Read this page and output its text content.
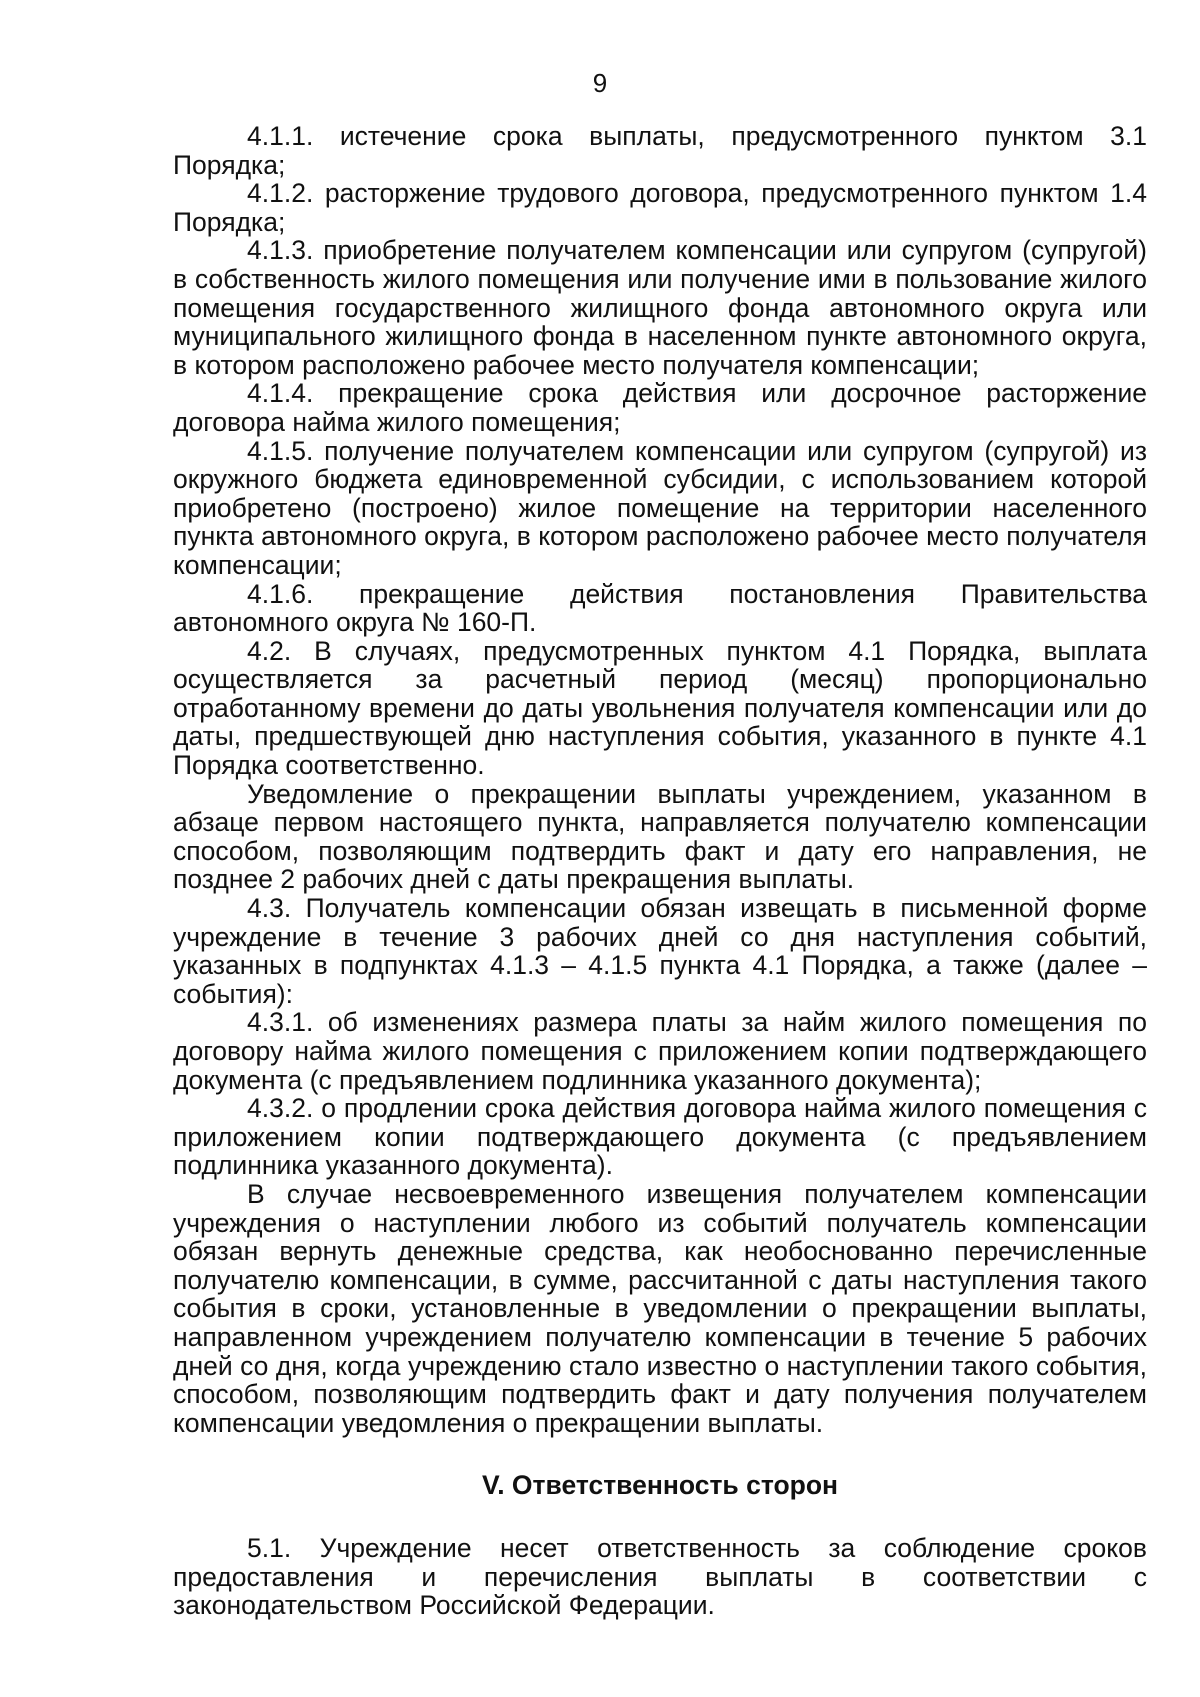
9

4.1.1. истечение срока выплаты, предусмотренного пунктом 3.1 Порядка;

4.1.2. расторжение трудового договора, предусмотренного пунктом 1.4 Порядка;

4.1.3. приобретение получателем компенсации или супругом (супругой) в собственность жилого помещения или получение ими в пользование жилого помещения государственного жилищного фонда автономного округа или муниципального жилищного фонда в населенном пункте автономного округа, в котором расположено рабочее место получателя компенсации;

4.1.4. прекращение срока действия или досрочное расторжение договора найма жилого помещения;

4.1.5. получение получателем компенсации или супругом (супругой) из окружного бюджета единовременной субсидии, с использованием которой приобретено (построено) жилое помещение на территории населенного пункта автономного округа, в котором расположено рабочее место получателя компенсации;

4.1.6. прекращение действия постановления Правительства автономного округа № 160-П.

4.2. В случаях, предусмотренных пунктом 4.1 Порядка, выплата осуществляется за расчетный период (месяц) пропорционально отработанному времени до даты увольнения получателя компенсации или до даты, предшествующей дню наступления события, указанного в пункте 4.1 Порядка соответственно.

Уведомление о прекращении выплаты учреждением, указанном в абзаце первом настоящего пункта, направляется получателю компенсации способом, позволяющим подтвердить факт и дату его направления, не позднее 2 рабочих дней с даты прекращения выплаты.

4.3. Получатель компенсации обязан извещать в письменной форме учреждение в течение 3 рабочих дней со дня наступления событий, указанных в подпунктах 4.1.3 – 4.1.5 пункта 4.1 Порядка, а также (далее – события):

4.3.1. об изменениях размера платы за найм жилого помещения по договору найма жилого помещения с приложением копии подтверждающего документа (с предъявлением подлинника указанного документа);

4.3.2. о продлении срока действия договора найма жилого помещения с приложением копии подтверждающего документа (с предъявлением подлинника указанного документа).

В случае несвоевременного извещения получателем компенсации учреждения о наступлении любого из событий получатель компенсации обязан вернуть денежные средства, как необоснованно перечисленные получателю компенсации, в сумме, рассчитанной с даты наступления такого события в сроки, установленные в уведомлении о прекращении выплаты, направленном учреждением получателю компенсации в течение 5 рабочих дней со дня, когда учреждению стало известно о наступлении такого события, способом, позволяющим подтвердить факт и дату получения получателем компенсации уведомления о прекращении выплаты.

V. Ответственность сторон

5.1. Учреждение несет ответственность за соблюдение сроков предоставления и перечисления выплаты в соответствии с законодательством Российской Федерации.
